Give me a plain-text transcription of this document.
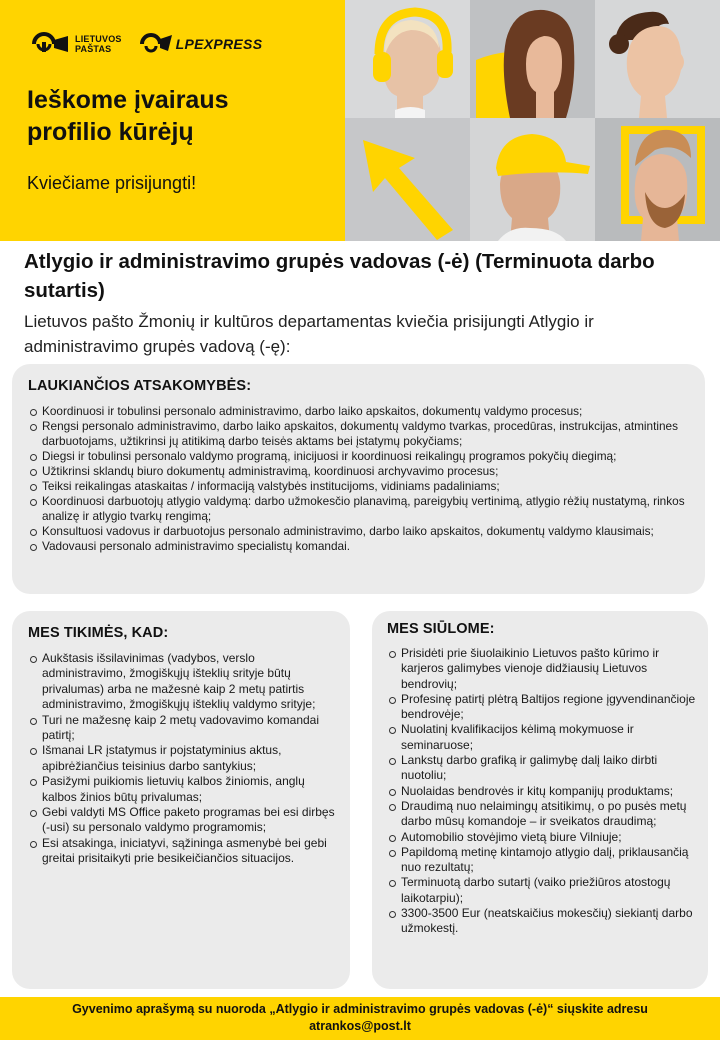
LIETUVOS
PAŠTAS	LPEXPRESS
Ieškome įvairaus
profilio kūrėjų
Kviečiame prisijungti!
Atlygio ir administravimo grupės vadovas (-ė) (Terminuota darbo sutartis)
Lietuvos pašto Žmonių ir kultūros departamentas kviečia prisijungti Atlygio ir administravimo grupės vadovą (-ę):
LAUKIANČIOS ATSAKOMYBĖS:
Koordinuosi ir tobulinsi personalo administravimo, darbo laiko apskaitos, dokumentų valdymo procesus;
Rengsi personalo administravimo, darbo laiko apskaitos, dokumentų valdymo tvarkas, procedūras, instrukcijas, atmintines darbuotojams, užtikrinsi jų atitikimą darbo teisės aktams bei įstatymų pokyčiams;
Diegsi ir tobulinsi personalo valdymo programą, inicijuosi ir koordinuosi reikalingų programos pokyčių diegimą;
Užtikrinsi sklandų biuro dokumentų administravimą, koordinuosi archyvavimo procesus;
Teiksi reikalingas ataskaitas / informaciją valstybės institucijoms, vidiniams padaliniams;
Koordinuosi darbuotojų atlygio valdymą: darbo užmokesčio planavimą, pareigybių vertinimą, atlygio rėžių nustatymą, rinkos analizę ir atlygio tvarkų rengimą;
Konsultuosi vadovus ir darbuotojus personalo administravimo, darbo laiko apskaitos, dokumentų valdymo klausimais;
Vadovausi personalo administravimo specialistų komandai.
MES TIKIMĖS, KAD:
Aukštasis išsilavinimas (vadybos, verslo administravimo, žmogiškųjų išteklių srityje būtų privalumas) arba ne mažesnė kaip 2 metų patirtis administravimo, žmogiškųjų išteklių valdymo srityje;
Turi ne mažesnę kaip 2 metų vadovavimo komandai patirtį;
Išmanai LR įstatymus ir pojstatyminius aktus, apibrėžiančius teisinius darbo santykius;
Pasižymi puikiomis lietuvių kalbos žiniomis, anglų kalbos žinios būtų privalumas;
Gebi valdyti MS Office paketo programas bei esi dirbęs (-usi) su personalo valdymo programomis;
Esi atsakinga, iniciatyvi, sąžininga asmenybė bei gebi greitai prisitaikyti prie besikeičiančios situacijos.
MES SIŪLOME:
Prisidėti prie šiuolaikinio Lietuvos pašto kūrimo ir karjeros galimybes vienoje didžiausių Lietuvos bendrovių;
Profesinę patirtį plėtrą Baltijos regione įgyvendinančioje bendrovėje;
Nuolatinį kvalifikacijos kėlimą mokymuose ir seminaruose;
Lankstų darbo grafiką ir galimybę dalį laiko dirbti nuotoliu;
Nuolaidas bendrovės ir kitų kompanijų produktams;
Draudimą nuo nelaimingų atsitikimų, o po pusės metų darbo mūsų komandoje – ir sveikatos draudimą;
Automobilio stovėjimo vietą biure Vilniuje;
Papildomą metinę kintamojo atlygio dalį, priklausančią nuo rezultatų;
Terminuotą darbo sutartį (vaiko priežiūros atostogų laikotarpiu);
3300-3500 Eur (neatskaičius mokesčių) siekiantį darbo užmokestį.
Gyvenimo aprašymą su nuoroda „Atlygio ir administravimo grupės vadovas (-ė)“ siųskite adresu
atrankos@post.lt
